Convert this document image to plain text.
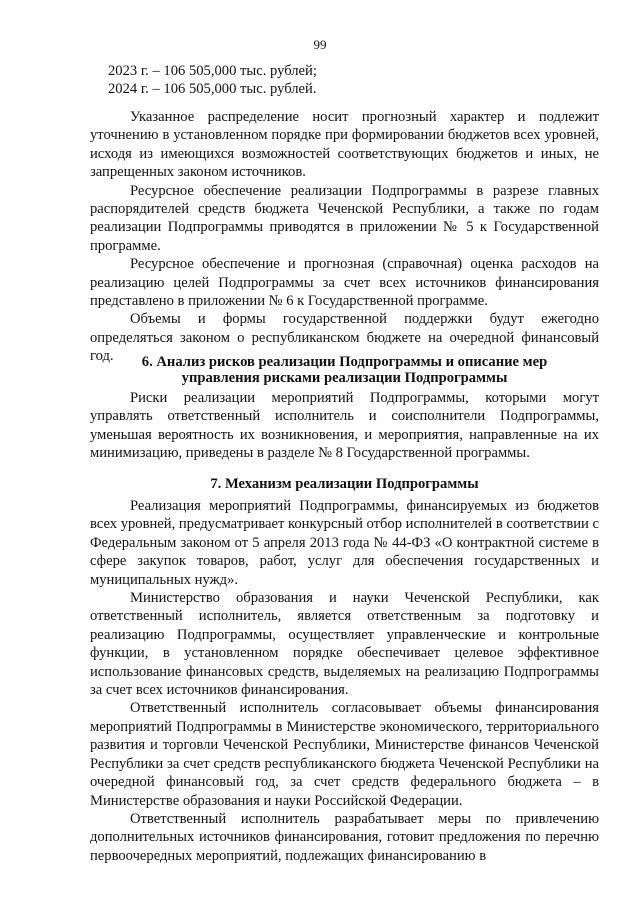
99
2023 г. – 106 505,000 тыс. рублей;
2024 г. – 106 505,000 тыс. рублей.

Указанное распределение носит прогнозный характер и подлежит уточнению в установленном порядке при формировании бюджетов всех уровней, исходя из имеющихся возможностей соответствующих бюджетов и иных, не запрещенных законом источников.

Ресурсное обеспечение реализации Подпрограммы в разрезе главных распорядителей средств бюджета Чеченской Республики, а также по годам реализации Подпрограммы приводятся в приложении № 5 к Государственной программе.

Ресурсное обеспечение и прогнозная (справочная) оценка расходов на реализацию целей Подпрограммы за счет всех источников финансирования представлено в приложении № 6 к Государственной программе.

Объемы и формы государственной поддержки будут ежегодно определяться законом о республиканском бюджете на очередной финансовый год.	6. Анализ рисков реализации Подпрограммы и описание мер

управления рисками реализации Подпрограммы

Риски реализации мероприятий Подпрограммы, которыми могут управлять ответственный исполнитель и соисполнители Подпрограммы, уменьшая вероятность их возникновения, и мероприятия, направленные на их минимизацию, приведены в разделе № 8 Государственной программы.

7. Механизм реализации Подпрограммы

Реализация мероприятий Подпрограммы, финансируемых из бюджетов всех уровней, предусматривает конкурсный отбор исполнителей в соответствии с Федеральным законом от 5 апреля 2013 года № 44-ФЗ «О контрактной системе в сфере закупок товаров, работ, услуг для обеспечения государственных и муниципальных нужд».

Министерство образования и науки Чеченской Республики, как ответственный исполнитель, является ответственным за подготовку и реализацию Подпрограммы, осуществляет управленческие и контрольные функции, в установленном порядке обеспечивает целевое эффективное использование финансовых средств, выделяемых на реализацию Подпрограммы за счет всех источников финансирования.

Ответственный исполнитель согласовывает объемы финансирования мероприятий Подпрограммы в Министерстве экономического, территориального развития и торговли Чеченской Республики, Министерстве финансов Чеченской Республики за счет средств республиканского бюджета Чеченской Республики на очередной финансовый год, за счет средств федерального бюджета – в Министерстве образования и науки Российской Федерации.

Ответственный исполнитель разрабатывает меры по привлечению дополнительных источников финансирования, готовит предложения по перечню первоочередных мероприятий, подлежащих финансированию в
